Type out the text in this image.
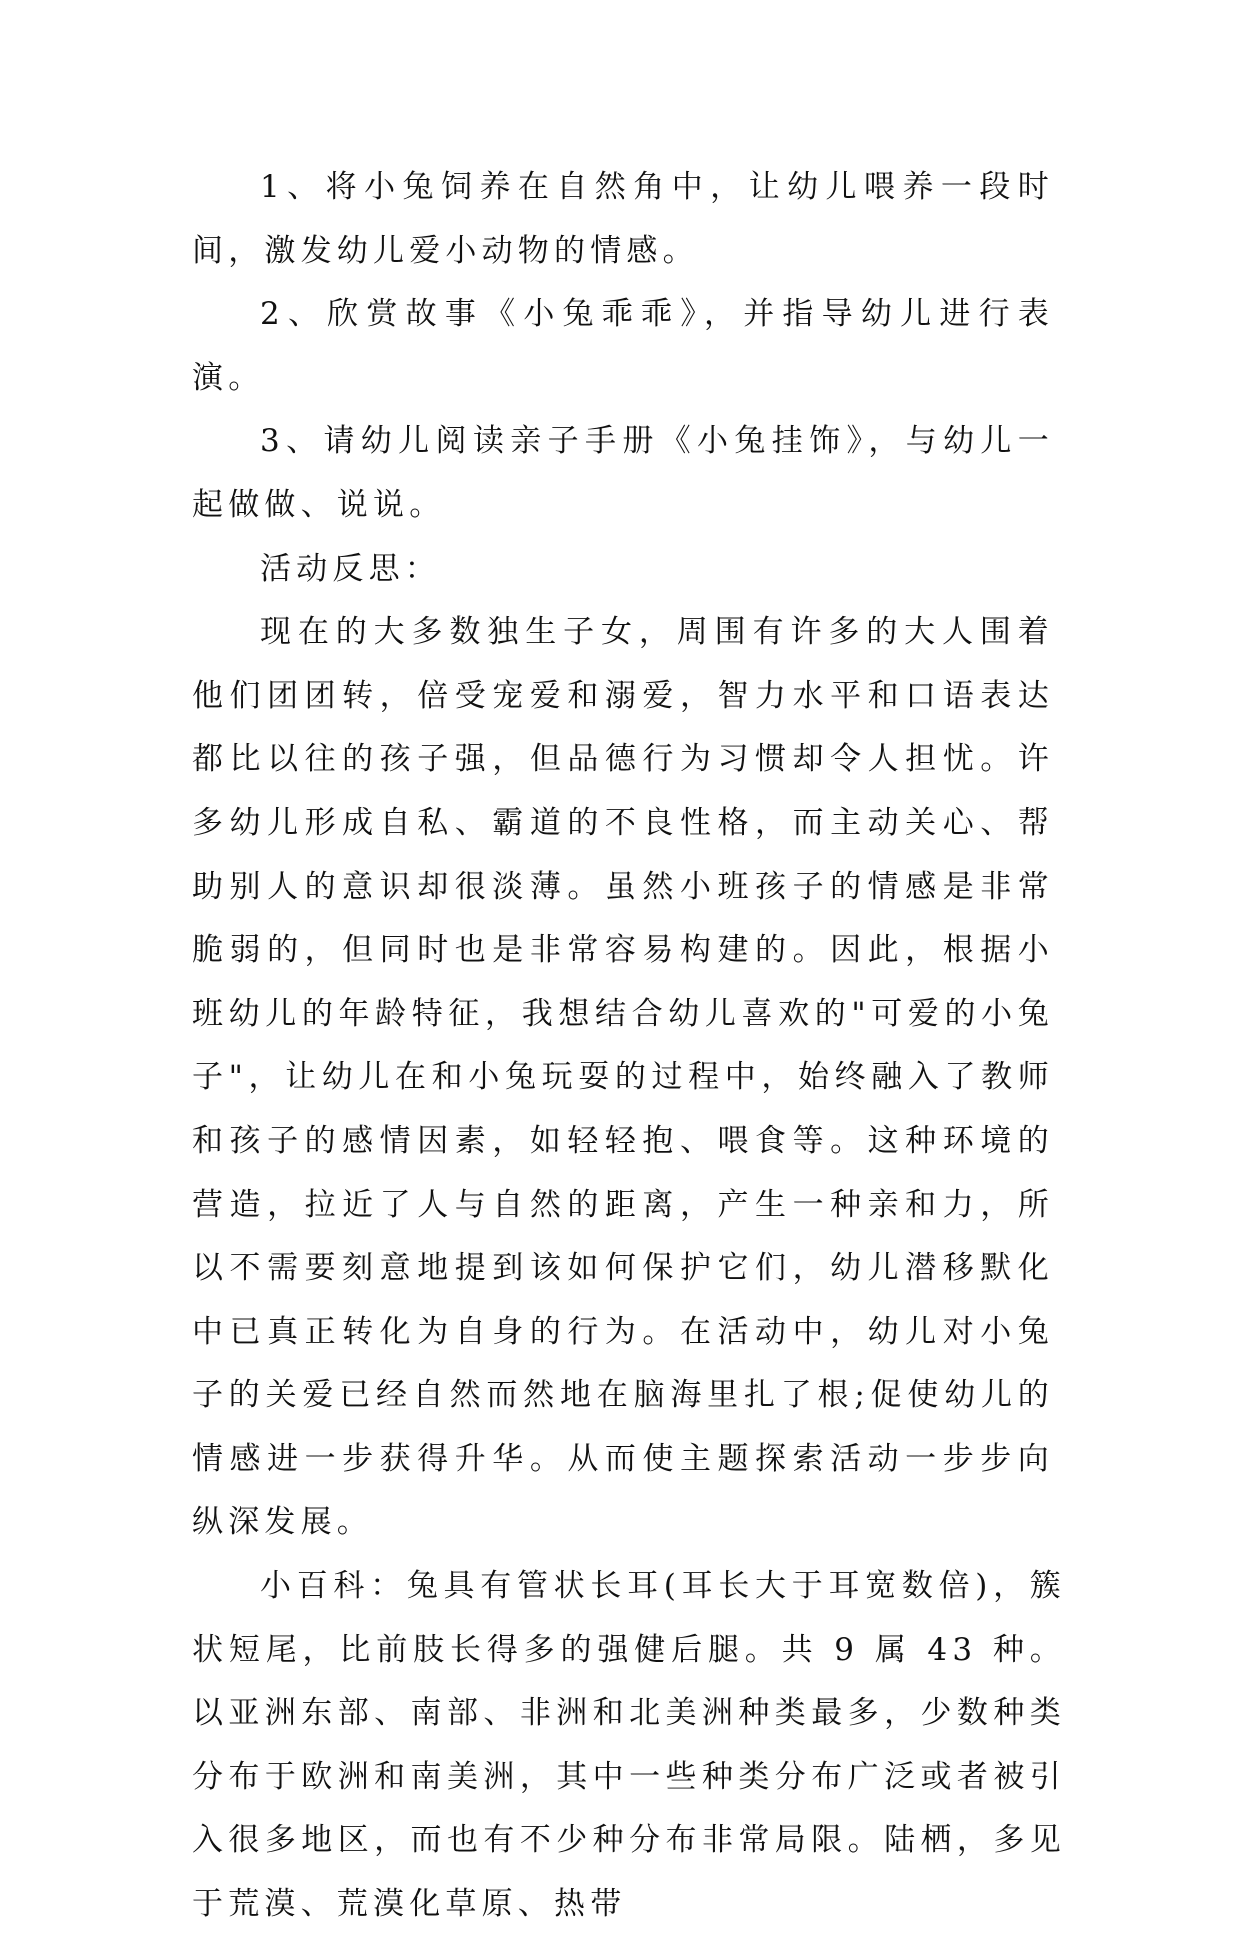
1、将小兔饲养在自然角中，让幼儿喂养一段时间，激发幼儿爱小动物的情感。

2、欣赏故事《小兔乖乖》，并指导幼儿进行表演。

3、请幼儿阅读亲子手册《小兔挂饰》，与幼儿一起做做、说说。

活动反思：

现在的大多数独生子女，周围有许多的大人围着他们团团转，倍受宠爱和溺爱，智力水平和口语表达都比以往的孩子强，但品德行为习惯却令人担忧。许多幼儿形成自私、霸道的不良性格，而主动关心、帮助别人的意识却很淡薄。虽然小班孩子的情感是非常脆弱的，但同时也是非常容易构建的。因此，根据小班幼儿的年龄特征，我想结合幼儿喜欢的"可爱的小兔子"，让幼儿在和小兔玩耍的过程中，始终融入了教师和孩子的感情因素，如轻轻抱、喂食等。这种环境的营造，拉近了人与自然的距离，产生一种亲和力，所以不需要刻意地提到该如何保护它们，幼儿潜移默化中已真正转化为自身的行为。在活动中，幼儿对小兔子的关爱已经自然而然地在脑海里扎了根;促使幼儿的情感进一步获得升华。从而使主题探索活动一步步向纵深发展。

小百科：兔具有管状长耳(耳长大于耳宽数倍)，簇状短尾，比前肢长得多的强健后腿。共 9 属 43 种。以亚洲东部、南部、非洲和北美洲种类最多，少数种类分布于欧洲和南美洲，其中一些种类分布广泛或者被引入很多地区，而也有不少种分布非常局限。陆栖，多见于荒漠、荒漠化草原、热带
